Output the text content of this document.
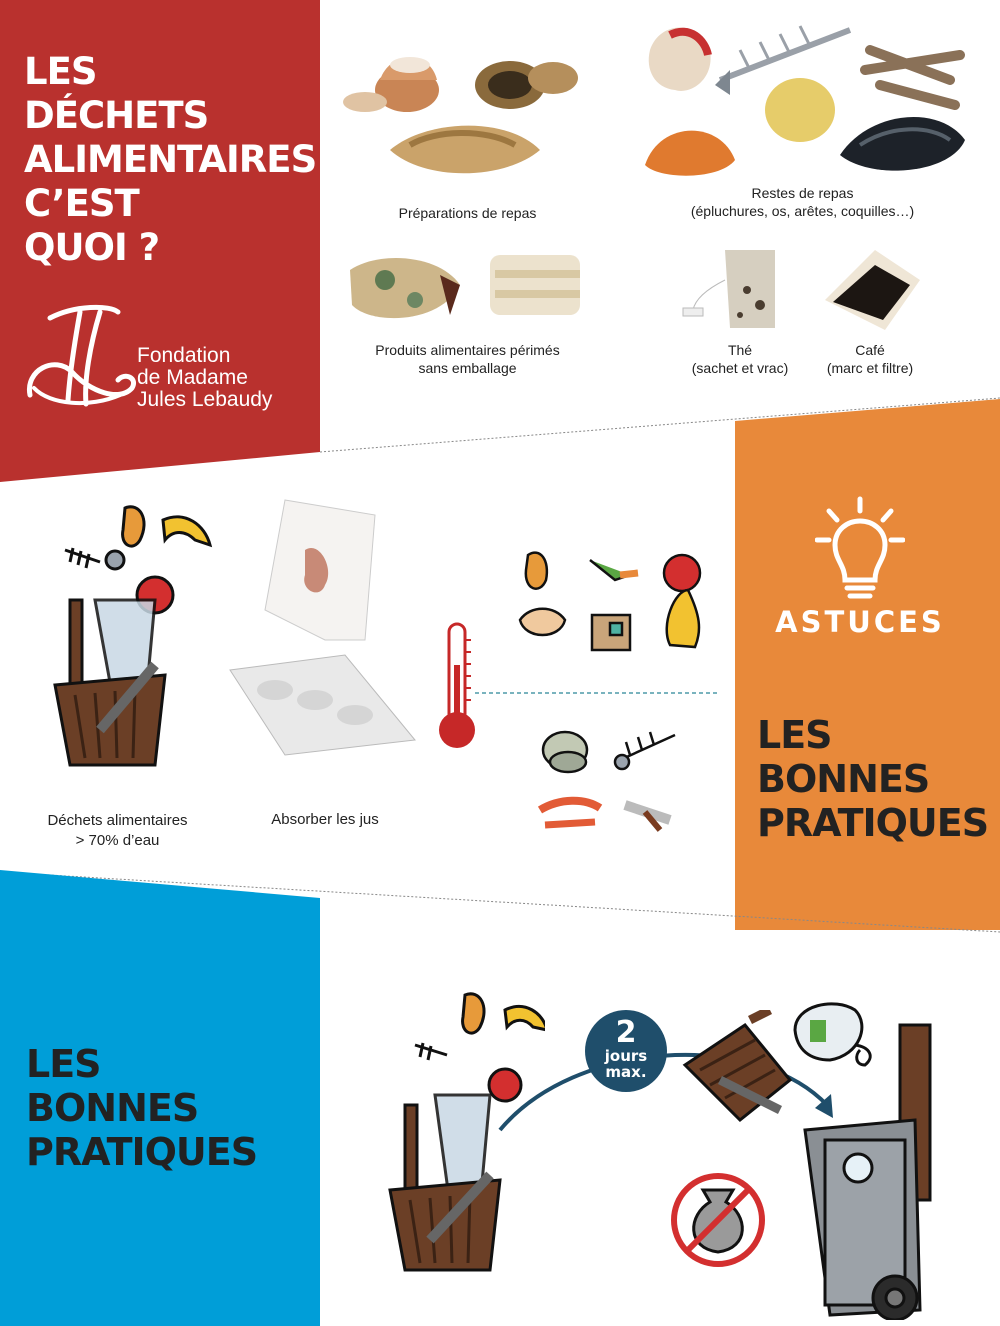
LES
DÉCHETS
ALIMENTAIRES
C’EST
QUOI ?
Fondation
de Madame
Jules Lebaudy
Préparations de repas
Restes de repas
(épluchures, os, arêtes, coquilles…)
Produits alimentaires périmés
sans emballage
Thé
(sachet et vrac)
Café
(marc et filtre)
ASTUCES
LES
BONNES
PRATIQUES
Déchets alimentaires
> 70% d’eau
Absorber les jus
LES
BONNES
PRATIQUES
2
jours
max.
